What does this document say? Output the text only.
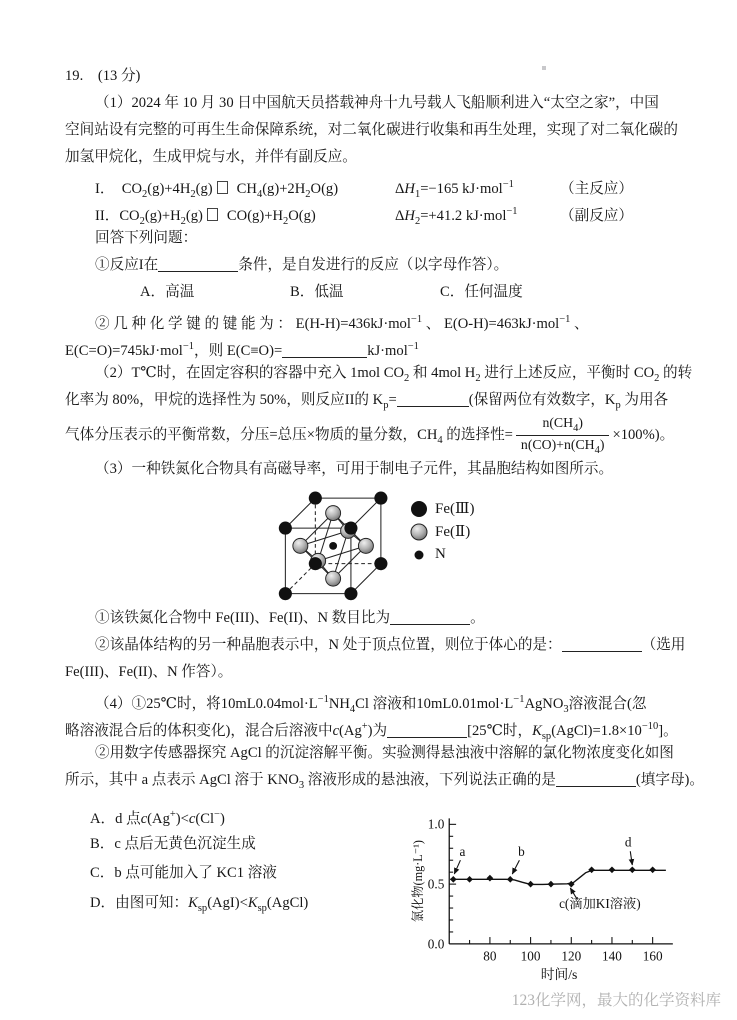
19.  (13 分)
（1）2024 年 10 月 30 日中国航天员搭载神舟十九号载人飞船顺利进入“太空之家”，中国
空间站设有完整的可再生生命保障系统，对二氧化碳进行收集和再生处理，实现了对二氧化碳的
加氢甲烷化，生成甲烷与水，并伴有副反应。
I． $CO_2(g)+4H_2(g)$ $CH_4(g)+2H_2O(g)$	$\Delta H_1=-165$ kJ·mol$^{-1}$	（主反应）
II．$CO_2(g)+H_2(g)$ $CO(g)+H_2O(g)$	$\Delta H_2=+41.2$ kJ·mol$^{-1}$	（副反应）
回答下列问题：
①反应I在	条件，是自发进行的反应（以字母作答）。
A．高温	B．低温	C．任何温度
② 几 种 化 学 键 的 键 能 为 ： E(H-H)=436kJ·mol$^{-1}$ 、 E(O-H)=463kJ·mol$^{-1}$ 、
E(C=O)=745kJ·mol$^{-1}$，则 E(C≡O)=	kJ·mol$^{-1}$
（2）T℃时，在固定容积的容器中充入 1mol $CO_2$ 和 4mol $H_2$ 进行上述反应，平衡时 $CO_2$ 的转
化率为 80%，甲烷的选择性为 50%，则反应II的 $K_p=$	(保留两位有效数字，$K_p$ 为用各
气体分压表示的平衡常数，分压=总压×物质的量分数，$CH_4$ 的选择性= $\frac{n(CH_4)}{n(CO)+n(CH_4)} \times 100\%$)。
（3）一种铁氮化合物具有高磁导率，可用于制电子元件，其晶胞结构如图所示。
Fe(Ⅲ)
Fe(Ⅱ)
N
①该铁氮化合物中 Fe(III)、Fe(II)、N 数目比为	。
②该晶体结构的另一种晶胞表示中，N 处于顶点位置，则位于体心的是：	（选用
Fe(III)、Fe(II)、N 作答）。
（4）①25℃时，将$10mL0.04mol\cdot L^{-1}NH_4Cl$ 溶液和$10mL0.01mol\cdot L^{-1}AgNO_3$溶液混合(忽
略溶液混合后的体积变化)，混合后溶液中c(Ag+)为	[25℃时，$K_{sp}(AgCl)=1.8\times 10^{-10}$]。
②用数字传感器探究 AgCl 的沉淀溶解平衡。实验测得悬浊液中溶解的氯化物浓度变化如图
所示，其中 a 点表示 AgCl 溶于 $KNO_3$ 溶液形成的悬浊液，下列说法正确的是	(填字母)。
A．d 点c(Ag+)<c(Cl−)
B．c 点后无黄色沉淀生成
C．b 点可能加入了 KC1 溶液
D．由图可知：$K_{sp}(AgI)<K_{sp}(AgCl)$
80 100 120 140 160
0.0
0.5
1.0
时间/s
氯化物(mg·L⁻¹)	a	b
c(滴加KI溶液)
d
123化学网，最大的化学资料库
